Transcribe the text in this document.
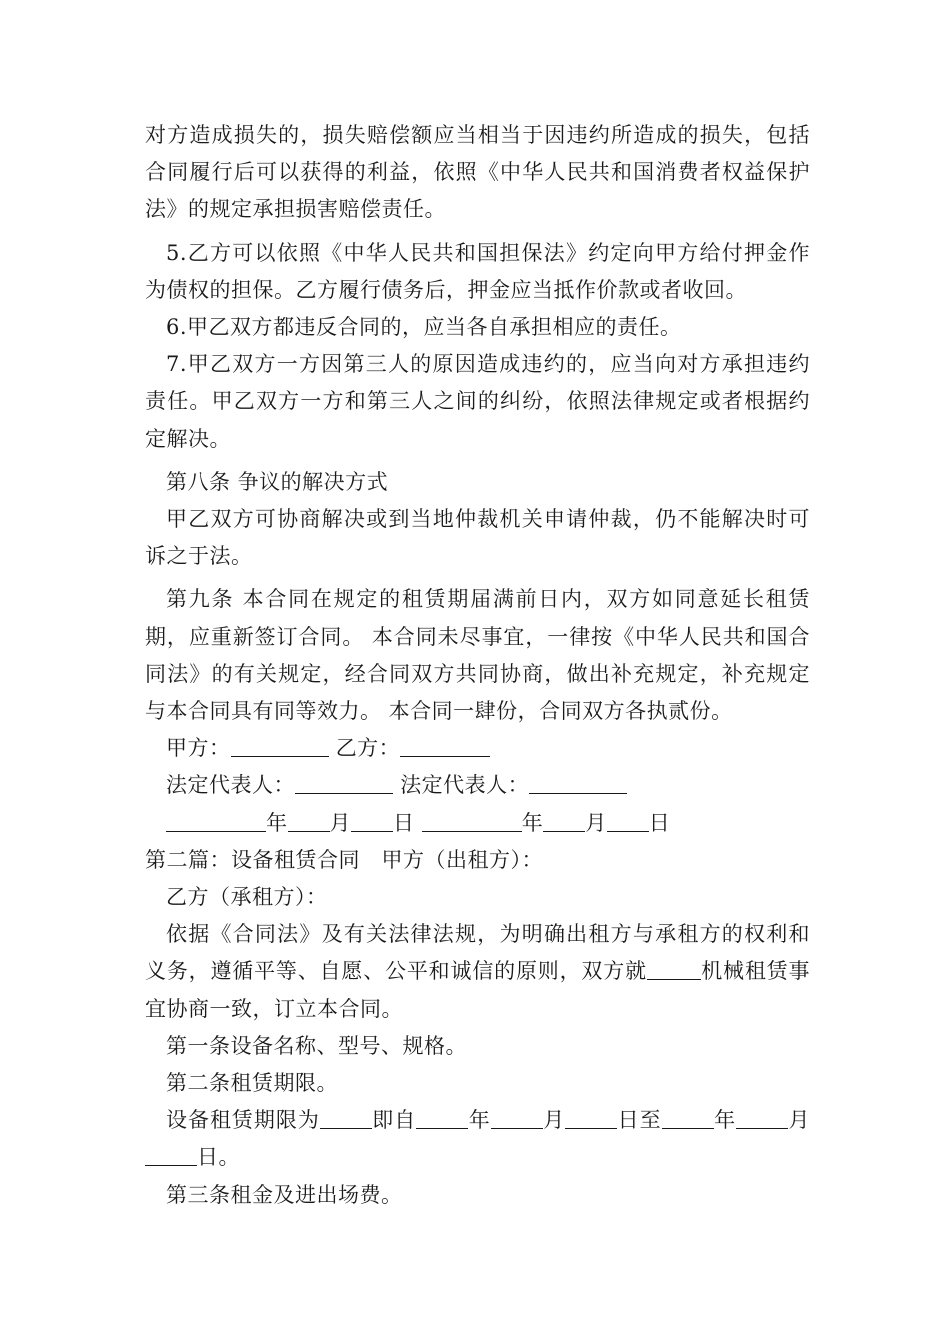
对方造成损失的，损失赔偿额应当相当于因违约所造成的损失，包括合同履行后可以获得的利益，依照《中华人民共和国消费者权益保护法》的规定承担损害赔偿责任。

5.乙方可以依照《中华人民共和国担保法》约定向甲方给付押金作为债权的担保。乙方履行债务后，押金应当抵作价款或者收回。

6.甲乙双方都违反合同的，应当各自承担相应的责任。

7.甲乙双方一方因第三人的原因造成违约的，应当向对方承担违约责任。甲乙双方一方和第三人之间的纠纷，依照法律规定或者根据约定解决。

第八条 争议的解决方式

甲乙双方可协商解决或到当地仲裁机关申请仲裁，仍不能解决时可诉之于法。

第九条 本合同在规定的租赁期届满前日内，双方如同意延长租赁期，应重新签订合同。 本合同未尽事宜，一律按《中华人民共和国合同法》的有关规定，经合同双方共同协商，做出补充规定，补充规定与本合同具有同等效力。 本合同一肆份，合同双方各执贰份。

甲方：	乙方：

法定代表人：	法定代表人：

年 月 日	年 月 日

第二篇：设备租赁合同　甲方（出租方）：

乙方（承租方）：

依据《合同法》及有关法律法规，为明确出租方与承租方的权利和义务，遵循平等、自愿、公平和诚信的原则，双方就	机械租赁事宜协商一致，订立本合同。

第一条设备名称、型号、规格。

第二条租赁期限。

设备租赁期限为 即自 年 月 日至 年 月日。

第三条租金及进出场费。
